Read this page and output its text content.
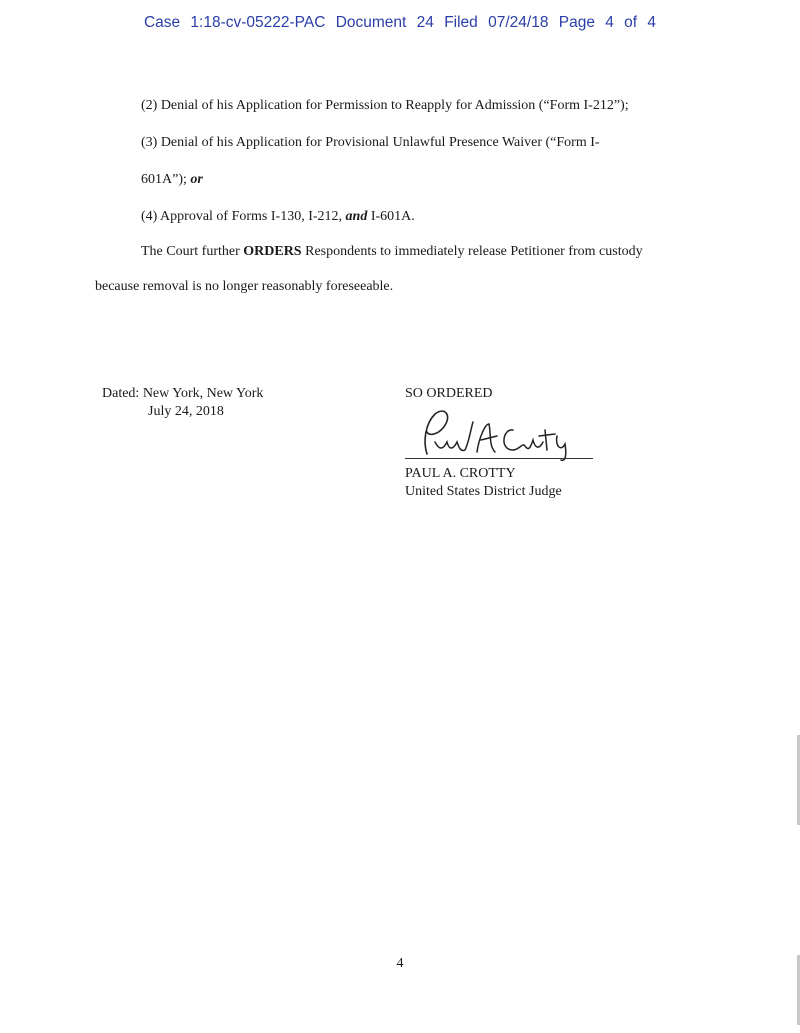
Case 1:18-cv-05222-PAC Document 24 Filed 07/24/18 Page 4 of 4
(2) Denial of his Application for Permission to Reapply for Admission (“Form I-212”);
(3) Denial of his Application for Provisional Unlawful Presence Waiver (“Form I-
601A”); or
(4) Approval of Forms I-130, I-212, and I-601A.
The Court further ORDERS Respondents to immediately release Petitioner from custody
because removal is no longer reasonably foreseeable.
Dated: New York, New York
July 24, 2018
SO ORDERED
PAUL A. CROTTY
United States District Judge
4
